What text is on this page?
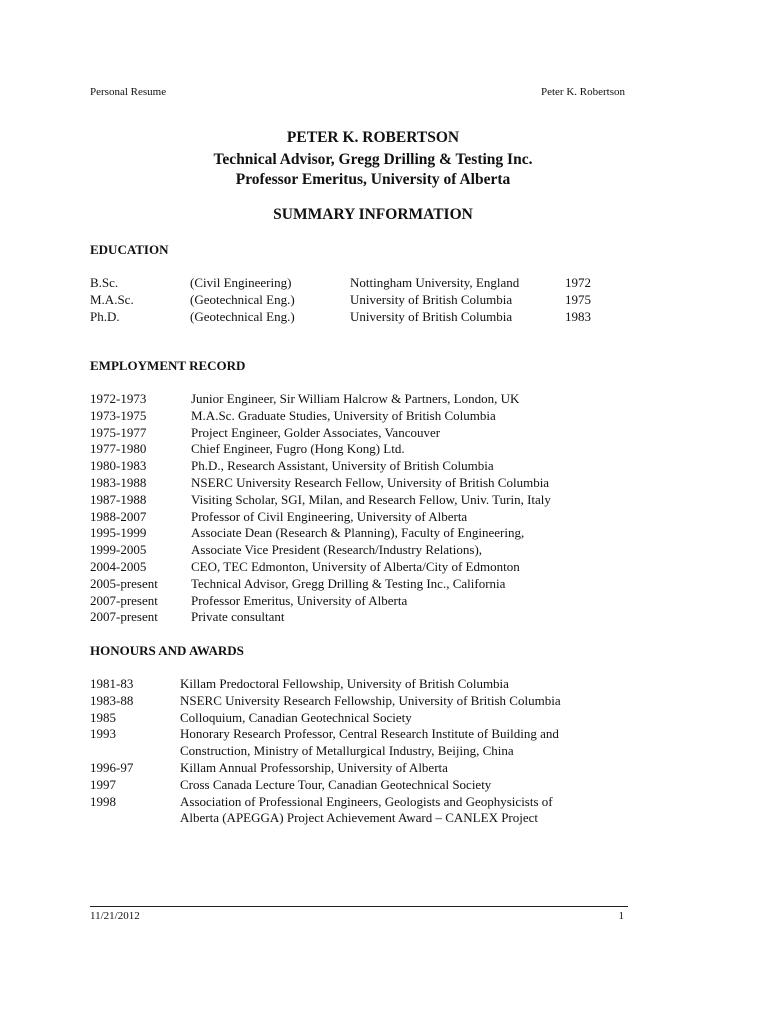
Personal Resume	Peter K. Robertson
PETER K. ROBERTSON
Technical Advisor, Gregg Drilling & Testing Inc.
Professor Emeritus, University of Alberta
SUMMARY INFORMATION
EDUCATION
B.Sc.	(Civil Engineering)	Nottingham University, England	1972
M.A.Sc.	(Geotechnical Eng.)	University of British Columbia	1975
Ph.D.	(Geotechnical Eng.)	University of British Columbia	1983
EMPLOYMENT RECORD
1972-1973	Junior Engineer, Sir William Halcrow & Partners, London, UK
1973-1975	M.A.Sc. Graduate Studies, University of British Columbia
1975-1977	Project Engineer, Golder Associates, Vancouver
1977-1980	Chief Engineer, Fugro (Hong Kong) Ltd.
1980-1983	Ph.D., Research Assistant, University of British Columbia
1983-1988	NSERC University Research Fellow, University of British Columbia
1987-1988	Visiting Scholar, SGI, Milan, and Research Fellow, Univ. Turin, Italy
1988-2007	Professor of Civil Engineering, University of Alberta
1995-1999	Associate Dean (Research & Planning), Faculty of Engineering,
1999-2005	Associate Vice President (Research/Industry Relations),
2004-2005	CEO, TEC Edmonton, University of Alberta/City of Edmonton
2005-present	Technical Advisor, Gregg Drilling & Testing Inc., California
2007-present	Professor Emeritus, University of Alberta
2007-present	Private consultant
HONOURS AND AWARDS
1981-83	Killam Predoctoral Fellowship, University of British Columbia
1983-88	NSERC University Research Fellowship, University of British Columbia
1985	Colloquium, Canadian Geotechnical Society
1993	Honorary Research Professor, Central Research Institute of Building and
Construction, Ministry of Metallurgical Industry, Beijing, China
1996-97	Killam Annual Professorship, University of Alberta
1997	Cross Canada Lecture Tour, Canadian Geotechnical Society
1998	Association of Professional Engineers, Geologists and Geophysicists of
Alberta (APEGGA) Project Achievement Award – CANLEX Project
11/21/2012	1
